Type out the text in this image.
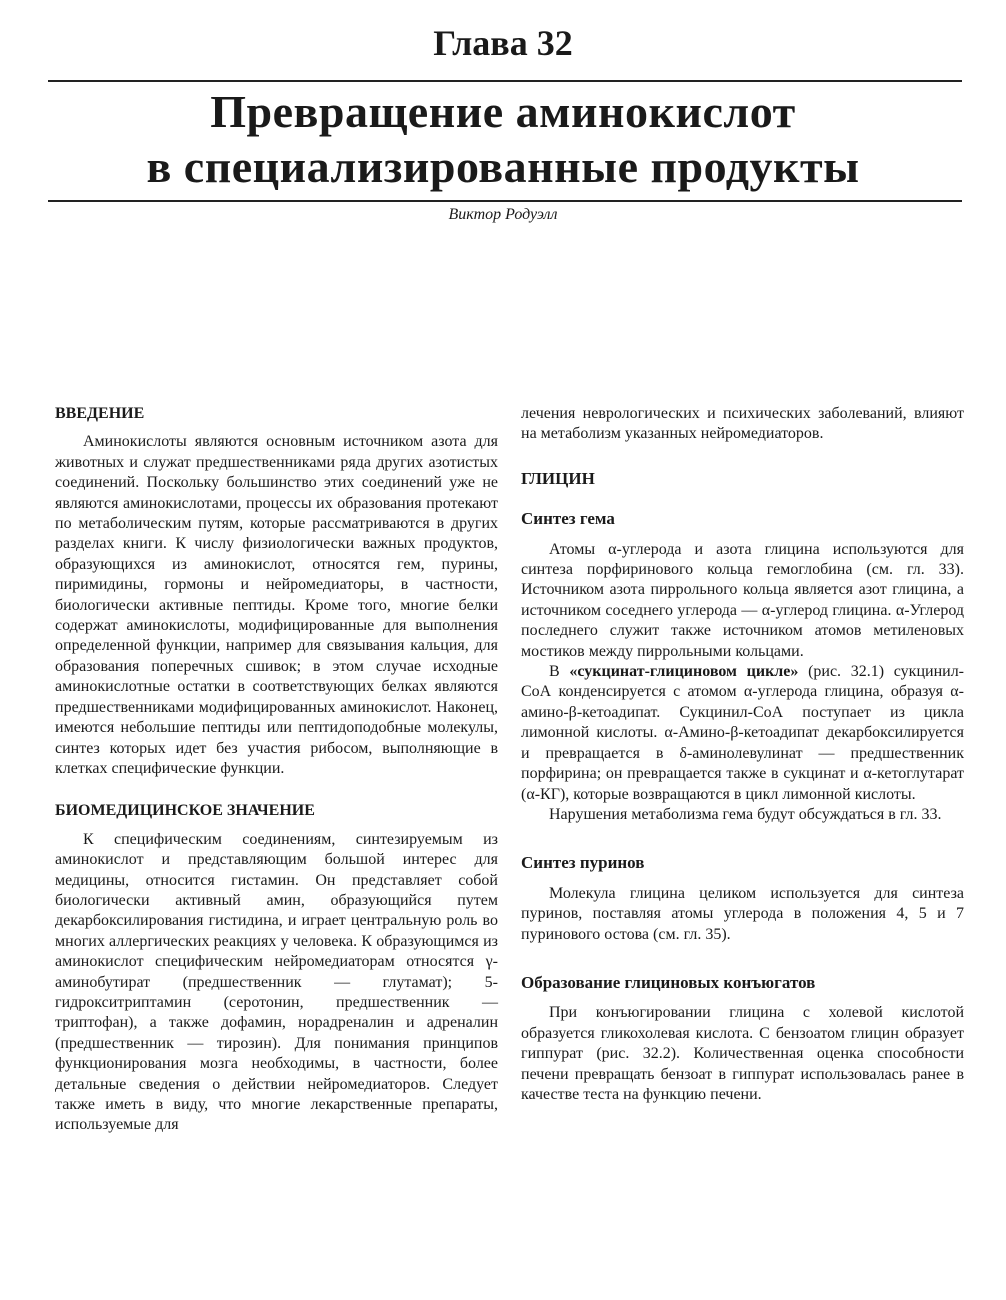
Глава 32
Превращение аминокислот
в специализированные продукты
Виктор Родуэлл
ВВЕДЕНИЕ

Аминокислоты являются основным источником азота для животных и служат предшественниками ряда других азотистых соединений. Поскольку большинство этих соединений уже не являются аминокислотами, процессы их образования протекают по метаболическим путям, которые рассматриваются в других разделах книги. К числу физиологически важных продуктов, образующихся из аминокислот, относятся гем, пурины, пиримидины, гормоны и нейромедиаторы, в частности, биологически активные пептиды. Кроме того, многие белки содержат аминокислоты, модифицированные для выполнения определенной функции, например для связывания кальция, для образования поперечных сшивок; в этом случае исходные аминокислотные остатки в соответствующих белках являются предшественниками модифицированных аминокислот. Наконец, имеются небольшие пептиды или пептидоподобные молекулы, синтез которых идет без участия рибосом, выполняющие в клетках специфические функции.

БИОМЕДИЦИНСКОЕ ЗНАЧЕНИЕ

К специфическим соединениям, синтезируемым из аминокислот и представляющим большой интерес для медицины, относится гистамин. Он представляет собой биологически активный амин, образующийся путем декарбоксилирования гистидина, и играет центральную роль во многих аллергических реакциях у человека. К образующимся из аминокислот специфическим нейромедиаторам относятся γ-аминобутират (предшественник — глутамат); 5-гидрокситриптамин (серотонин, предшественник — триптофан), а также дофамин, норадреналин и адреналин (предшественник — тирозин). Для понимания принципов функционирования мозга необходимы, в частности, более детальные сведения о действии нейромедиаторов. Следует также иметь в виду, что многие лекарственные препараты, используемые для

лечения неврологических и психических заболеваний, влияют на метаболизм указанных нейромедиаторов.

ГЛИЦИН
Синтез гема

Атомы α-углерода и азота глицина используются для синтеза порфиринового кольца гемоглобина (см. гл. 33). Источником азота пиррольного кольца является азот глицина, а источником соседнего углерода — α-углерод глицина. α-Углерод последнего служит также источником атомов метиленовых мостиков между пиррольными кольцами.

В «сукцинат-глициновом цикле» (рис. 32.1) сукцинил-СоА конденсируется с атомом α-углерода глицина, образуя α-амино-β-кетоадипат. Сукцинил-СоА поступает из цикла лимонной кислоты. α-Амино-β-кетоадипат декарбоксилируется и превращается в δ-аминолевулинат — предшественник порфирина; он превращается также в сукцинат и α-кетоглутарат (α-КГ), которые возвращаются в цикл лимонной кислоты.

Нарушения метаболизма гема будут обсуждаться в гл. 33.

Синтез пуринов

Молекула глицина целиком используется для синтеза пуринов, поставляя атомы углерода в положения 4, 5 и 7 пуринового остова (см. гл. 35).

Образование глициновых конъюгатов

При конъюгировании глицина с холевой кислотой образуется гликохолевая кислота. С бензоатом глицин образует гиппурат (рис. 32.2). Количественная оценка способности печени превращать бензоат в гиппурат использовалась ранее в качестве теста на функцию печени.
